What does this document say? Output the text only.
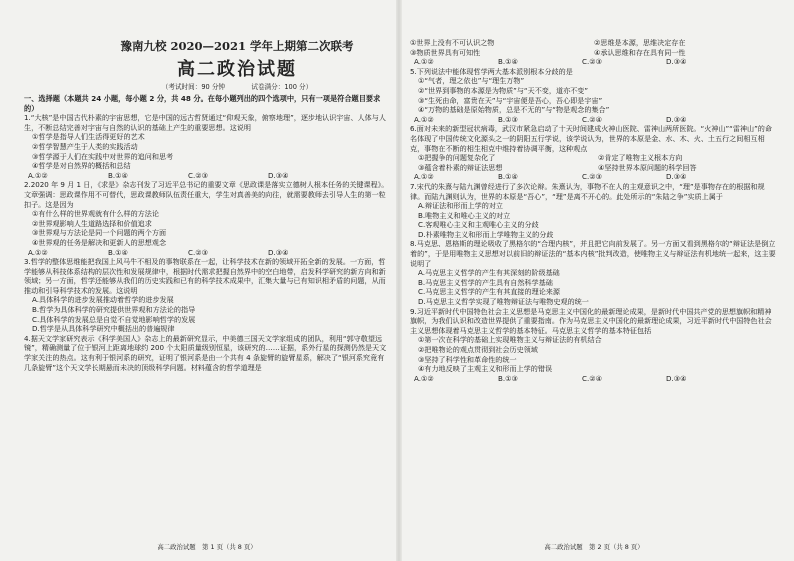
豫南九校 2020—2021 学年上期第二次联考
高二政治试题
（考试时间：90 分钟　　　　试卷满分：100 分）
一、选择题（本题共 24 小题，每小题 2 分，共 48 分。在每小题列出的四个选项中，只有一项是符合题目要求的）

1.“大核”是中国古代朴素的宇宙思想，它是中国的远古哲贤通过“仰观天象，俯察地理”，逐步地认识宇宙、人体与人生，不断总结完善对宇宙与自然的认识的基础上产生的重要思想。这说明

①哲学是指导人们生活得更好的艺术

②哲学智慧产生于人类的实践活动

③哲学源于人们在实践中对世界的追问和思考

④哲学是对自然界的概括和总结

A.①②	B.①④	C.②③	D.③④

2.2020 年 9 月 1 日，《求是》杂志刊发了习近平总书记的重要文章《思政课是落实立德树人根本任务的关键课程》。文章强调：思政课作用不可替代，思政课教师队伍责任重大，学生对真善美的向往，就需要教师去引导人生的第一粒扣子。这是因为

①有什么样的世界观就有什么样的方法论

②世界观影响人生道路选择和价值追求

③世界观与方法论是同一个问题的两个方面

④世界观的任务是解决和更新人的思想观念

A.①②	B.①④	C.②③	D.③④

3.哲学的整体思维能把我国上风马牛不相及的事物联系在一起，让科学技术在新的领域开拓全新的发展。一方面，哲学能够从科技体系结构的层次性和发展规律中，根据时代需求把握自然界中的空白地带，启发科学研究的新方向和新领域；另一方面，哲学还能够从我们的历史实践和已有的科学技术成果中，汇集大量与已有知识相矛盾的问题，从而推动和引导科学技术的发展。这说明

A.具体科学的进步发展推动着哲学的进步发展

B.哲学为具体科学的研究提供世界观和方法论的指导

C.具体科学的发展总是自觉不自觉地影响哲学的发展

D.哲学是从具体科学研究中概括出的普遍规律

4.据天文学家研究表示《科学美国人》杂志上的最新研究显示，中美德三国天文学家组成的团队，利用“郭守敬望远镜”，精确测量了位于银河上距离地球约 200 个太阳质量级别恒星，该研究的……证据，系外行星的探测仍然是天文学家关注的热点。这有利于银河系的研究，证明了银河系是由一个共有 4 条旋臂的旋臂星系，解决了“银河系究竟有几条旋臂”这个天文学长期悬而未决的顶级科学问题。材料蕴含的哲学道理是

高二政治试题　第 1 页（共 8 页）

①世界上没有不可认识之物	②思维是本源，思维决定存在
③物质世界具有可知性	④承认思维和存在具有同一性

A.①②	B.①④	C.②③	D.③④

5.下列说法中能体现哲学两大基本派别根本分歧的是

①“气者，理之依也”与“理生万物”

②“世界到事物的本源是为物质”与“天不变，道亦不变”

③“生死由命，富贵在天”与“宇宙便是吾心，吾心即是宇宙”

④“万物的基础是原始物质，总是不无的”与“物是观念的集合”

A.①②	B.①③	C.②④	D.③④

6.面对未来的新型冠状病毒，武汉市紧急启动了十天时间建成火神山医院、雷神山两所医院。“火神山”“雷神山”的命名体现了中国传统文化源头之一的阴阳五行学说，该学说认为，世界的本原是金、水、木、火、土五行之间相互相克，事物在不断的相生相克中维持着协调平衡，这种观点

①把握争的问题复杂化了	②肯定了唯物主义根本方向
③蕴含着朴素的辩证法思想	④坚持世界本原问题的科学回答

A.①②	B.①④	C.②③	D.③④

7.宋代的朱熹与陆九渊曾经进行了多次论辩。朱熹认为，事物不在人的主观意识之中，“理”是事物存在的根据和规律。而陆九渊则认为，世界的本原是“吾心”，“理”是离不开心的。此处所示的“朱陆之争”实质上属于

A.辩证法和形而上学的对立

B.唯物主义和唯心主义的对立

C.客观唯心主义和主观唯心主义的分歧

D.朴素唯物主义和形而上学唯物主义的分歧

8.马克思、恩格斯的理论吸收了黑格尔的“合理内核”，并且把它向前发展了。另一方面又看到黑格尔的“辩证法是倒立着的”，于是用唯物主义思想对以前旧的辩证法的“基本内核”批判改造，使唯物主义与辩证法有机地统一起来，这主要说明了

A.马克思主义哲学的产生有其深刻的阶级基础

B.马克思主义哲学的产生具有自然科学基础

C.马克思主义哲学的产生有其直接的理论来源

D.马克思主义哲学实现了唯物辩证法与唯物史观的统一

9.习近平新时代中国特色社会主义思想是马克思主义中国化的最新理论成果，是新时代中国共产党的思想旗帜和精神旗帜，为我们认识和改造世界提供了重要指南。作为马克思主义中国化的最新理论成果，习近平新时代中国特色社会主义思想体现着马克思主义哲学的基本特征。马克思主义哲学的基本特征包括

①第一次在科学的基础上实现唯物主义与辩证法的有机结合

②把唯物论的观点贯彻到社会历史领域

③坚持了科学性和革命性的统一

④有力地反映了主观主义和形而上学的错误

A.①②	B.①③	C.②④	D.③④

高二政治试题　第 2 页（共 8 页）
